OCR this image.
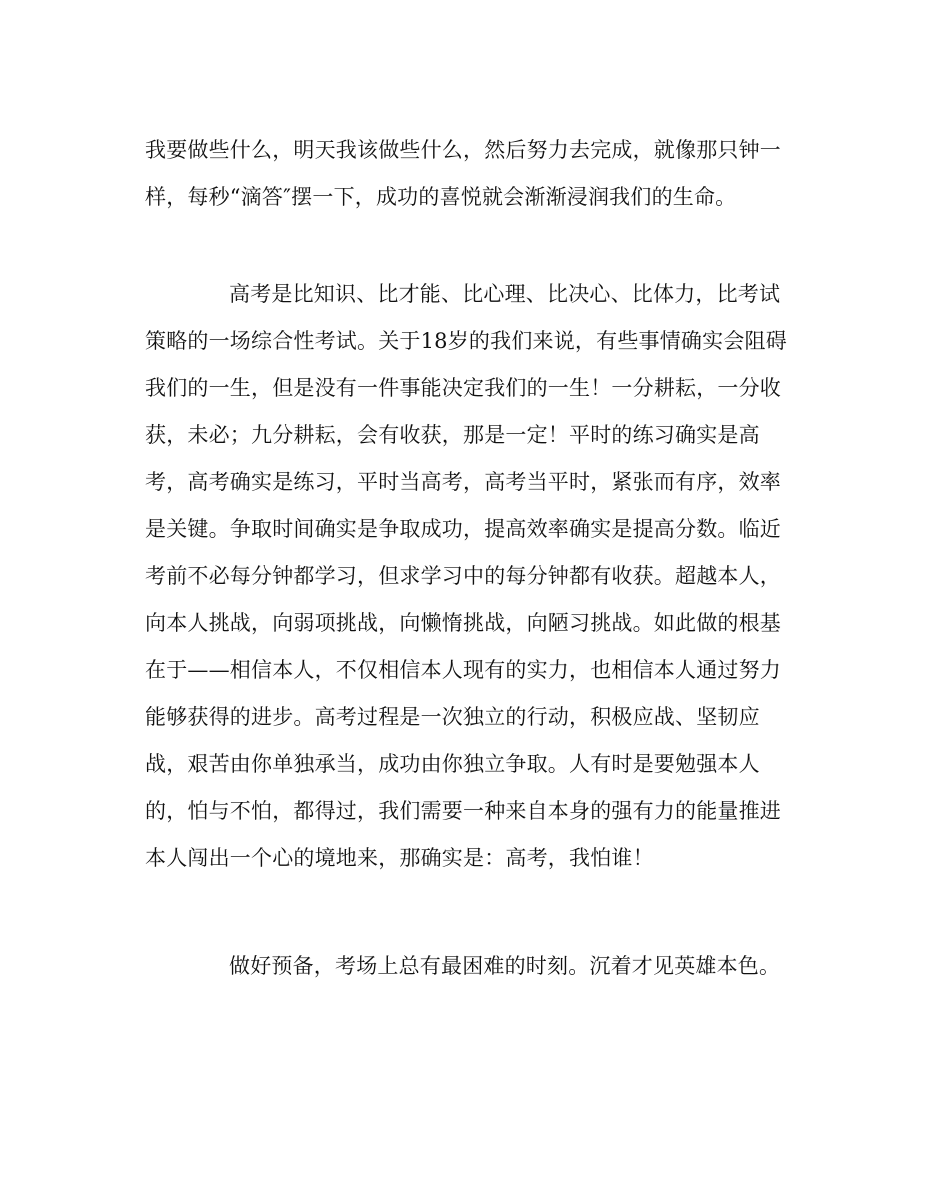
我要做些什么，明天我该做些什么，然后努力去完成，就像那只钟一
样，每秒“滴答″摆一下，成功的喜悦就会渐渐浸润我们的生命。
高考是比知识、比才能、比心理、比决心、比体力，比考试
策略的一场综合性考试。关于18岁的我们来说，有些事情确实会阻碍
我们的一生，但是没有一件事能决定我们的一生！一分耕耘，一分收
获，未必；九分耕耘，会有收获，那是一定！平时的练习确实是高
考，高考确实是练习，平时当高考，高考当平时，紧张而有序，效率
是关键。争取时间确实是争取成功，提高效率确实是提高分数。临近
考前不必每分钟都学习，但求学习中的每分钟都有收获。超越本人，
向本人挑战，向弱项挑战，向懒惰挑战，向陋习挑战。如此做的根基
在于——相信本人，不仅相信本人现有的实力，也相信本人通过努力
能够获得的进步。高考过程是一次独立的行动，积极应战、坚韧应
战，艰苦由你单独承当，成功由你独立争取。人有时是要勉强本人
的，怕与不怕，都得过，我们需要一种来自本身的强有力的能量推进
本人闯出一个心的境地来，那确实是：高考，我怕谁！
做好预备，考场上总有最困难的时刻。沉着才见英雄本色。
